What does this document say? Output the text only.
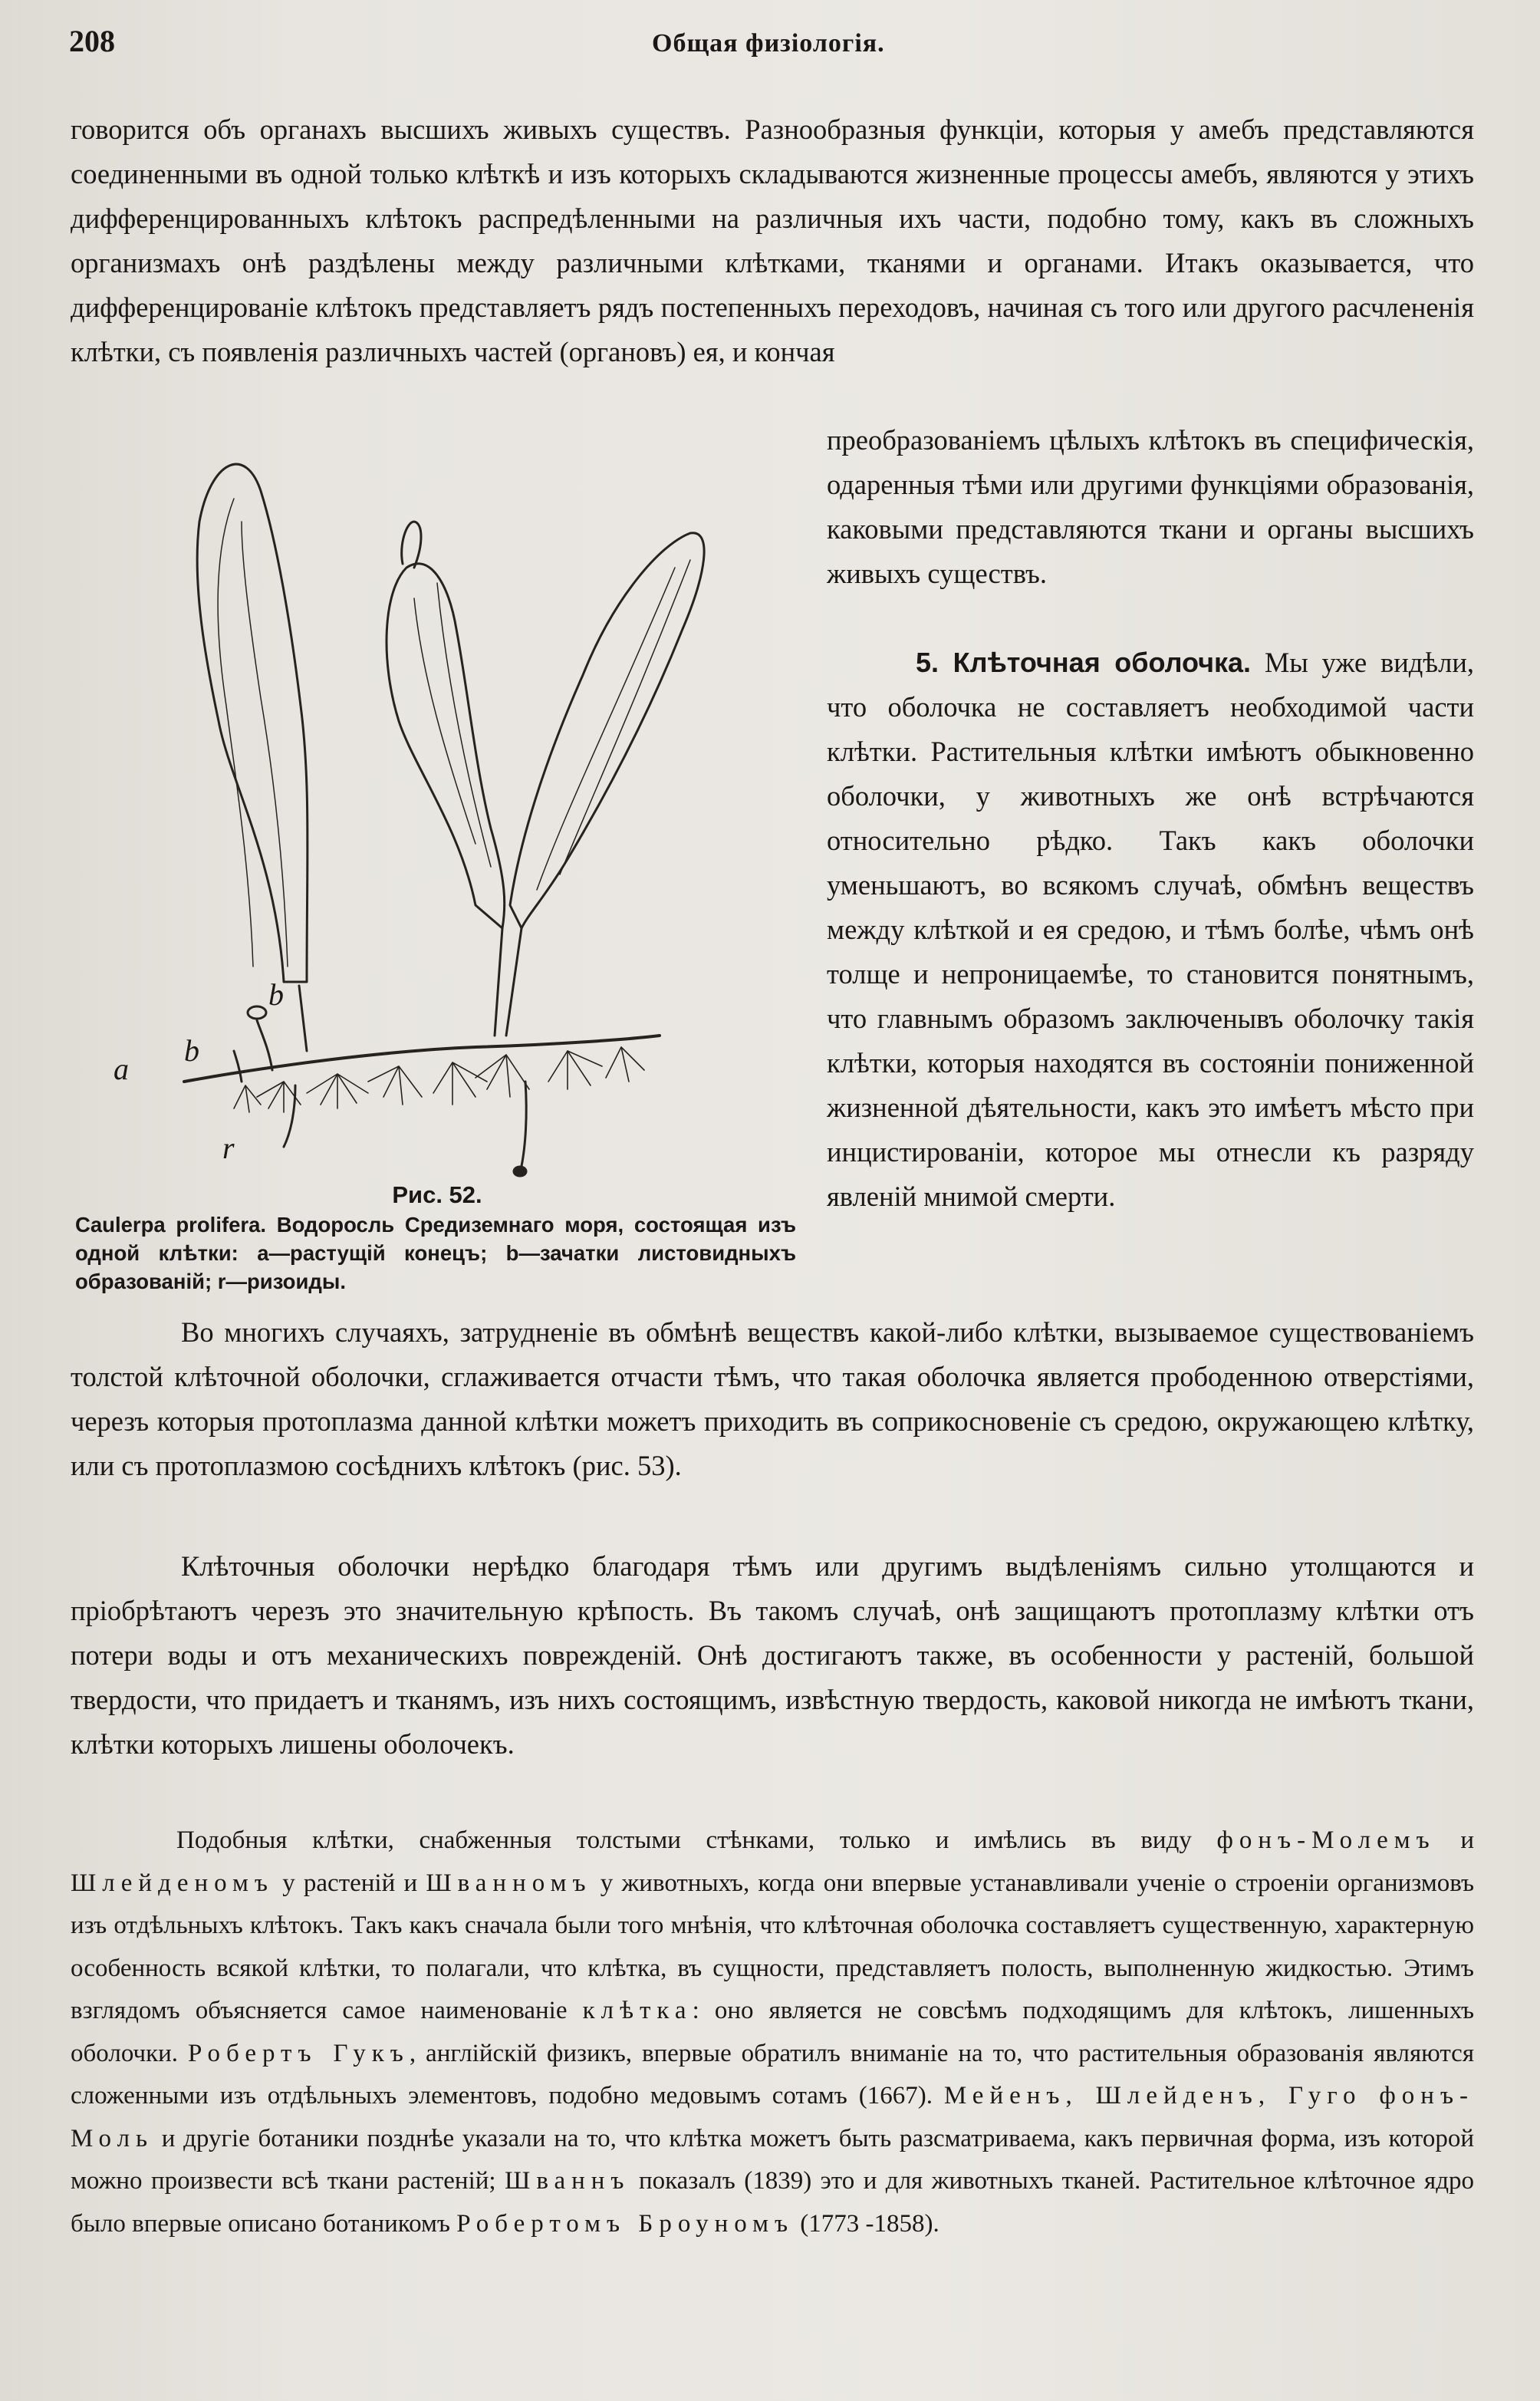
208	Общая физіологія.

говорится объ органахъ высшихъ живыхъ существъ. Разнообразныя функціи, которыя у амебъ представляются соединенными въ одной только клѣткѣ и изъ которыхъ складываются жизненные процессы амебъ, являются у этихъ дифференцированныхъ клѣтокъ распредѣленными на различныя ихъ части, подобно тому, какъ въ сложныхъ организмахъ онѣ раздѣлены между различными клѣтками, тканями и органами. Итакъ оказывается, что дифференцированіе клѣтокъ представляетъ рядъ постепенныхъ переходовъ, начиная съ того или другого расчлененія клѣтки, съ появленія различныхъ частей (органовъ) ея, и кончая

преобразованіемъ цѣлыхъ клѣтокъ въ специфическія, одаренныя тѣми или другими функціями образованія, каковыми представляются ткани и органы высшихъ живыхъ существъ.

5. Клѣточная оболочка. Мы уже видѣли, что оболочка не составляетъ необходимой части клѣтки. Растительныя клѣтки имѣютъ обыкновенно оболочки, у животныхъ же онѣ встрѣчаются относительно рѣдко. Такъ какъ оболочки уменьшаютъ, во всякомъ случаѣ, обмѣнъ веществъ между клѣткой и ея средою, и тѣмъ болѣе, чѣмъ онѣ толще и непроницаемѣе, то становится понятнымъ, что главнымъ образомъ заключенывъ оболочку такія клѣтки, которыя находятся въ состояніи пониженной жизненной дѣятельности, какъ это имѣетъ мѣсто при инцистированіи, которое мы отнесли къ разряду явленій мнимой смерти.

a
b
b
r
Рис. 52.

Caulerpa prolifera. Водоросль Средиземнаго моря, состоящая изъ одной клѣтки: a—растущій конецъ; b—зачатки листовидныхъ образованій; r—ризоиды.

Во многихъ случаяхъ, затрудненіе въ обмѣнѣ веществъ какой-либо клѣтки, вызываемое существованіемъ толстой клѣточной оболочки, сглаживается отчасти тѣмъ, что такая оболочка является прободенною отверстіями, черезъ которыя протоплазма данной клѣтки можетъ приходить въ соприкосновеніе съ средою, окружающею клѣтку, или съ протоплазмою сосѣднихъ клѣтокъ (рис. 53).

Клѣточныя оболочки нерѣдко благодаря тѣмъ или другимъ выдѣленіямъ сильно утолщаются и пріобрѣтаютъ черезъ это значительную крѣпость. Въ такомъ случаѣ, онѣ защищаютъ протоплазму клѣтки отъ потери воды и отъ механическихъ поврежденій. Онѣ достигаютъ также, въ особенности у растеній, большой твердости, что придаетъ и тканямъ, изъ нихъ состоящимъ, извѣстную твердость, каковой никогда не имѣютъ ткани, клѣтки которыхъ лишены оболочекъ.

Подобныя клѣтки, снабженныя толстыми стѣнками, только и имѣлись въ виду фонъ-Молемъ и Шлейденомъ у растеній и Шванномъ у животныхъ, когда они впервые устанавливали ученіе о строеніи организмовъ изъ отдѣльныхъ клѣтокъ. Такъ какъ сначала были того мнѣнія, что клѣточная оболочка составляетъ существенную, характерную особенность всякой клѣтки, то полагали, что клѣтка, въ сущности, представляетъ полость, выполненную жидкостью. Этимъ взглядомъ объясняется самое наименованіе клѣтка: оно является не совсѣмъ подходящимъ для клѣтокъ, лишенныхъ оболочки. Робертъ Гукъ, англійскій физикъ, впервые обратилъ вниманіе на то, что растительныя образованія являются сложенными изъ отдѣльныхъ элементовъ, подобно медовымъ сотамъ (1667). Мейенъ, Шлейденъ, Гуго фонъ-Моль и другіе ботаники позднѣе указали на то, что клѣтка можетъ быть разсматриваема, какъ первичная форма, изъ которой можно произвести всѣ ткани растеній; Шваннъ показалъ (1839) это и для животныхъ тканей. Растительное клѣточное ядро было впервые описано ботаникомъ Робертомъ Броуномъ (1773 -1858).
